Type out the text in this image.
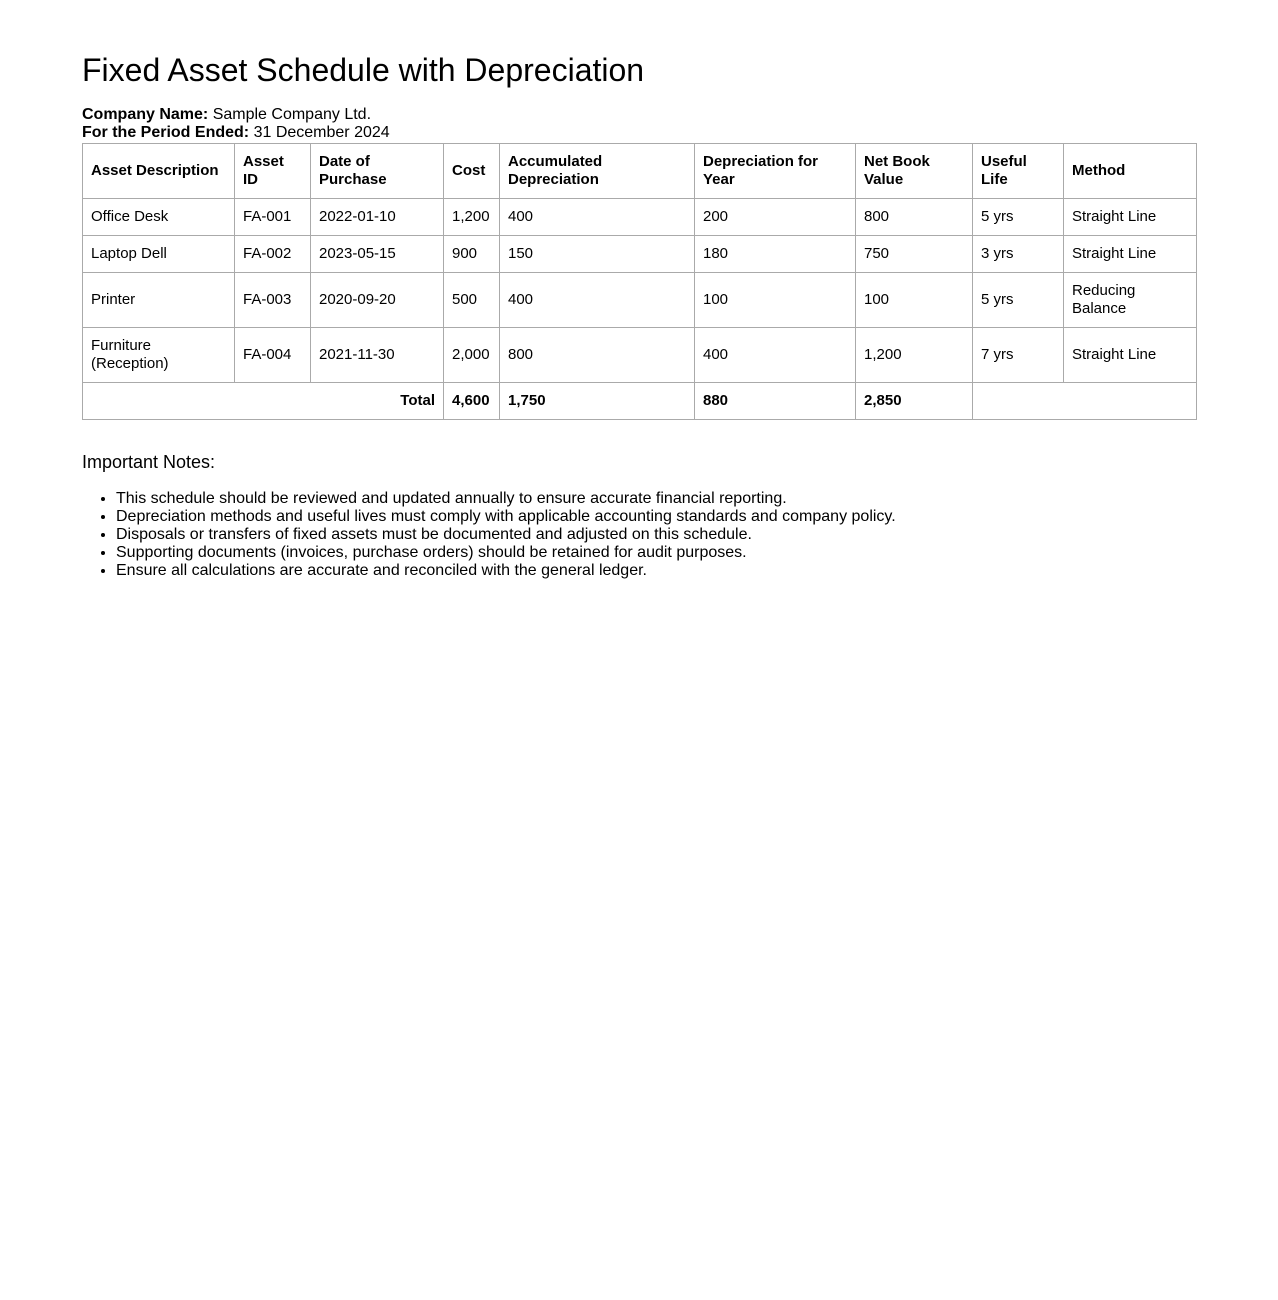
Fixed Asset Schedule with Depreciation
Company Name: Sample Company Ltd.
For the Period Ended: 31 December 2024
Asset Description	Asset ID	Date of Purchase	Cost	Accumulated Depreciation	Depreciation for Year	Net Book Value	Useful Life	Method
Office Desk	FA-001	2022-01-10	1,200	400	200	800	5 yrs	Straight Line
Laptop Dell	FA-002	2023-05-15	900	150	180	750	3 yrs	Straight Line
Printer	FA-003	2020-09-20	500	400	100	100	5 yrs	Reducing Balance
Furniture (Reception)	FA-004	2021-11-30	2,000	800	400	1,200	7 yrs	Straight Line
Total			4,600	1,750	880	2,850		
Important Notes:
• This schedule should be reviewed and updated annually to ensure accurate financial reporting.
• Depreciation methods and useful lives must comply with applicable accounting standards and company policy.
• Disposals or transfers of fixed assets must be documented and adjusted on this schedule.
• Supporting documents (invoices, purchase orders) should be retained for audit purposes.
• Ensure all calculations are accurate and reconciled with the general ledger.
